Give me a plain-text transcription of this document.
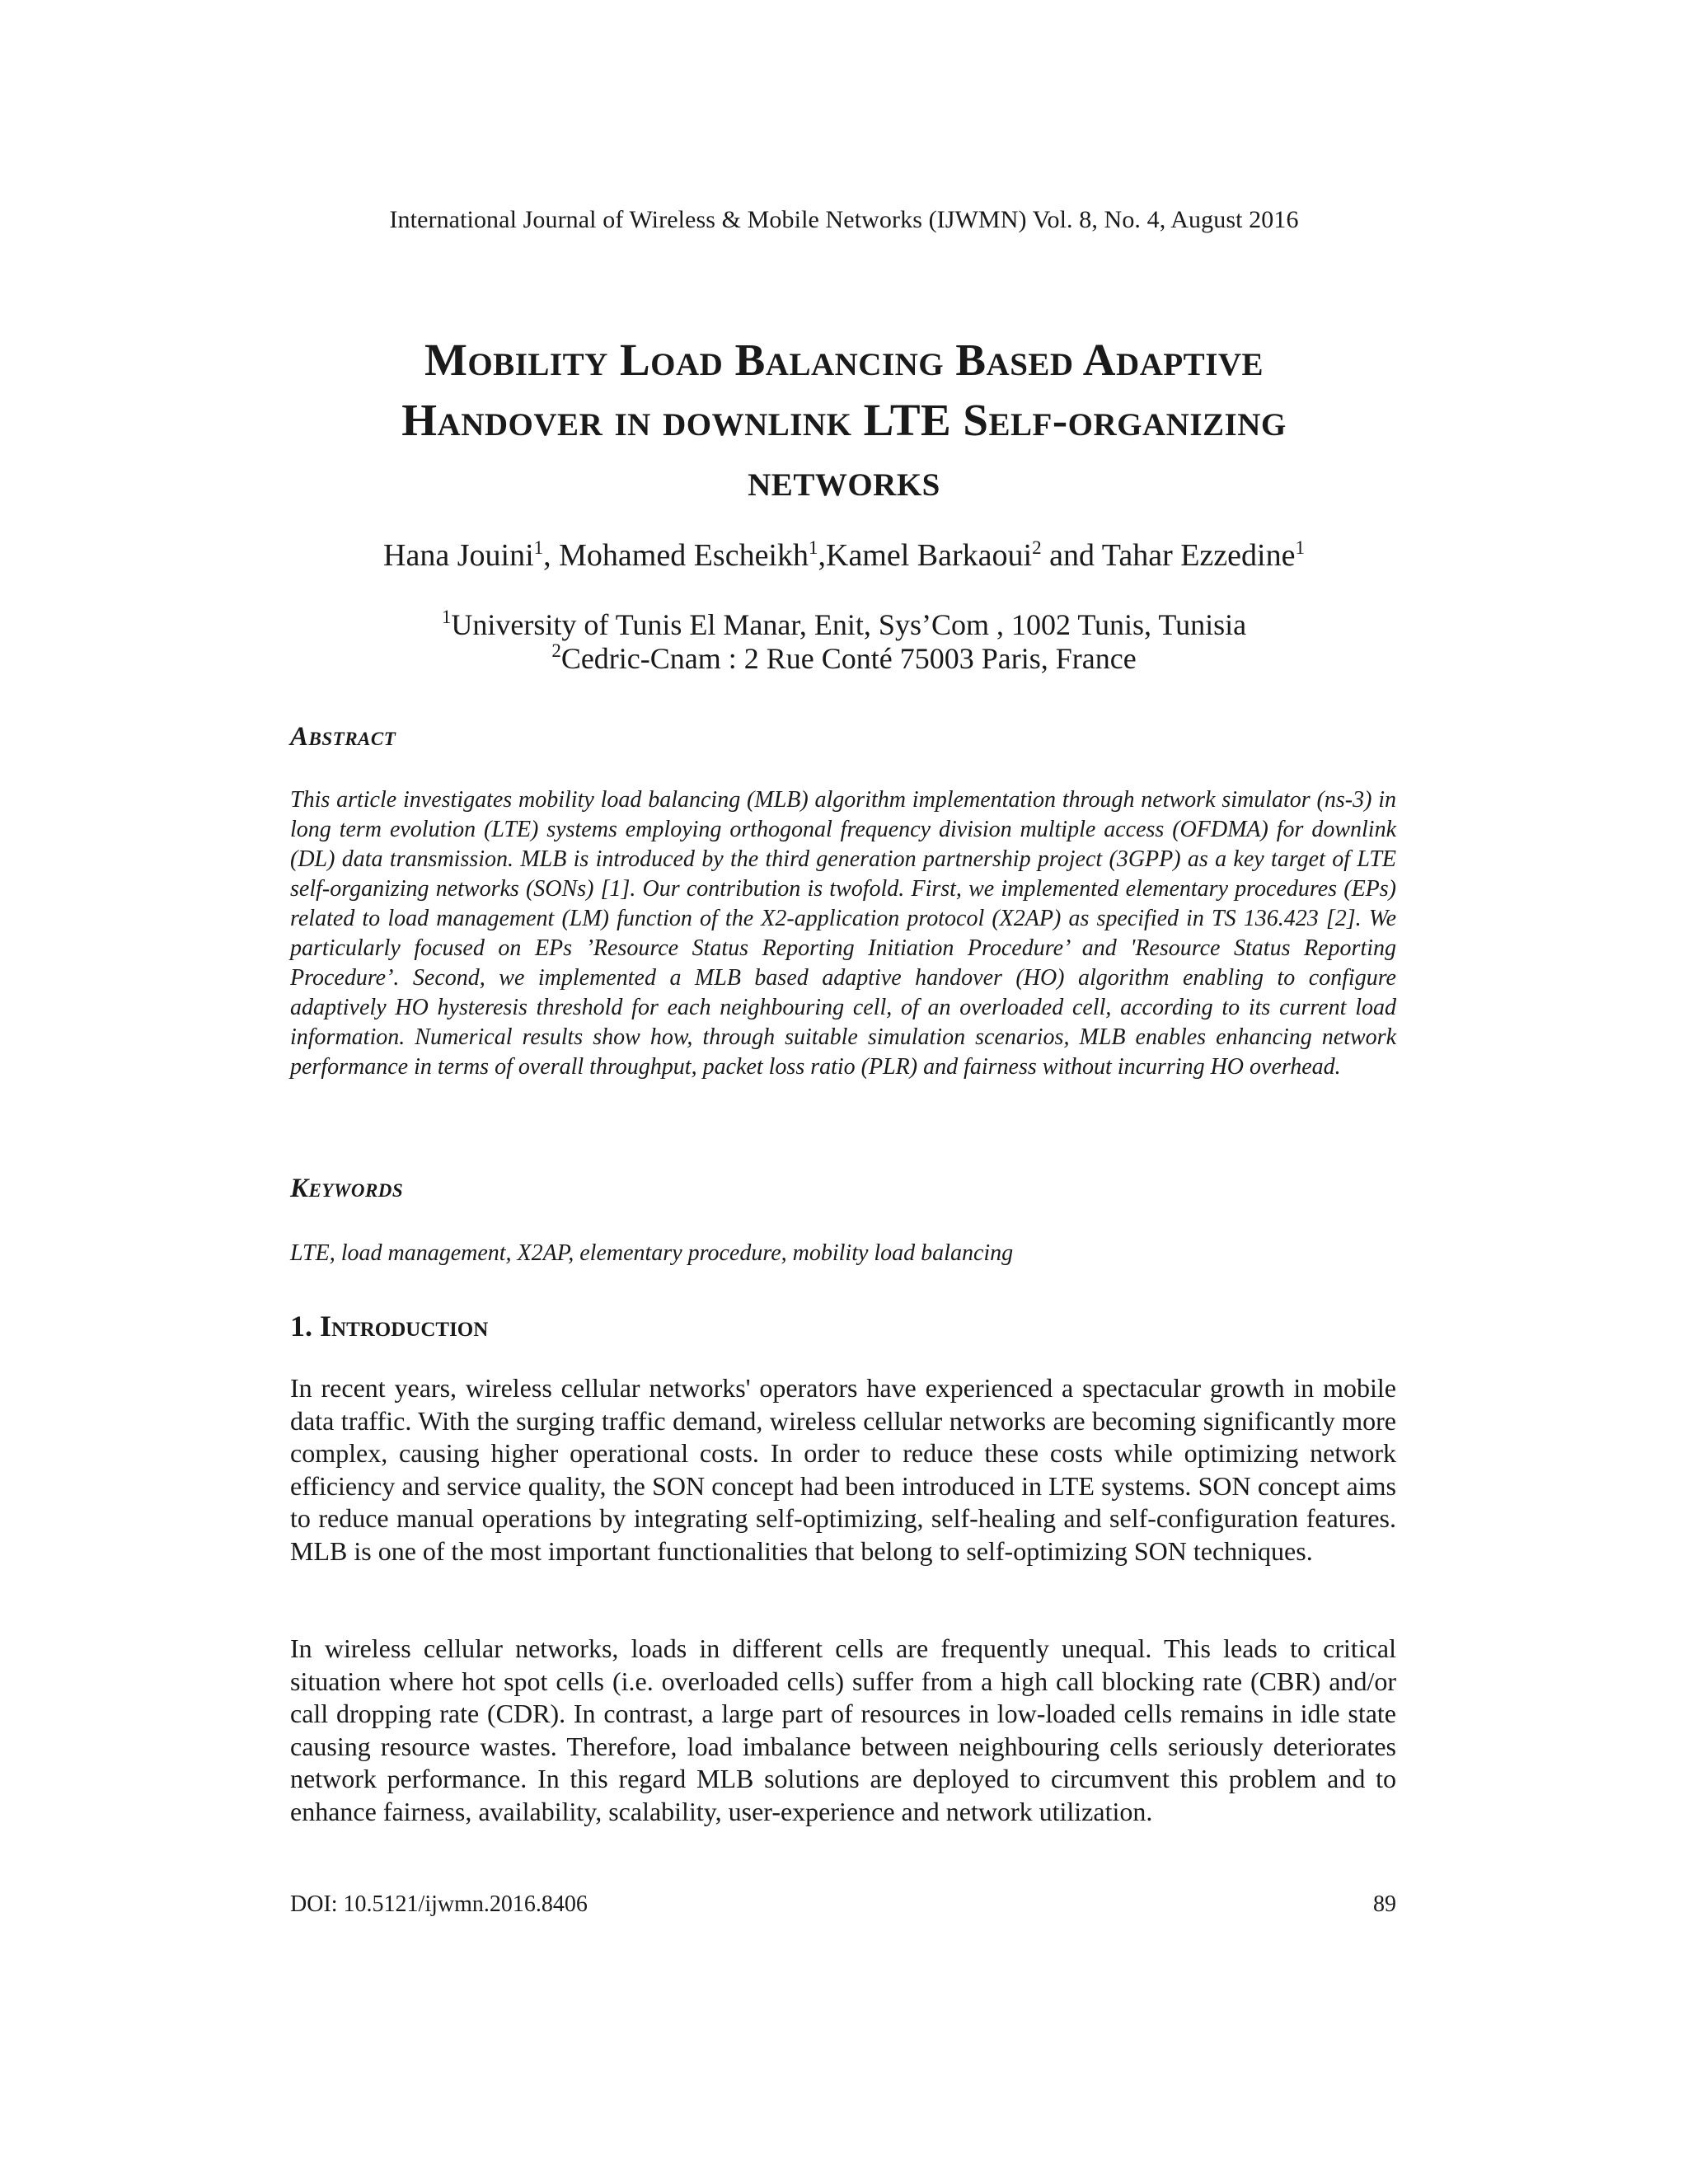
International Journal of Wireless & Mobile Networks (IJWMN) Vol. 8, No. 4, August 2016
Mobility Load Balancing Based Adaptive
Handover in downlink LTE Self-organizing
networks
Hana Jouini$^1$, Mohamed Escheikh$^1$,Kamel Barkaoui$^2$ and Tahar Ezzedine$^1$
$^1$University of Tunis El Manar, Enit, Sys’Com , 1002 Tunis, Tunisia
$^2$Cedric-Cnam : 2 Rue Conté 75003 Paris, France
Abstract
This article investigates mobility load balancing (MLB) algorithm implementation through network simulator (ns-3) in long term evolution (LTE) systems employing orthogonal frequency division multiple access (OFDMA) for downlink (DL) data transmission. MLB is introduced by the third generation partnership project (3GPP) as a key target of LTE self-organizing networks (SONs) [1]. Our contribution is twofold. First, we implemented elementary procedures (EPs) related to load management (LM) function of the X2-application protocol (X2AP) as specified in TS 136.423 [2]. We particularly focused on EPs ’Resource Status Reporting Initiation Procedure’ and 'Resource Status Reporting Procedure’. Second, we implemented a MLB based adaptive handover (HO) algorithm enabling to configure adaptively HO hysteresis threshold for each neighbouring cell, of an overloaded cell, according to its current load information. Numerical results show how, through suitable simulation scenarios, MLB enables enhancing network performance in terms of overall throughput, packet loss ratio (PLR) and fairness without incurring HO overhead.
Keywords
LTE, load management, X2AP, elementary procedure, mobility load balancing
1. Introduction
In recent years, wireless cellular networks' operators have experienced a spectacular growth in mobile data traffic. With the surging traffic demand, wireless cellular networks are becoming significantly more complex, causing higher operational costs. In order to reduce these costs while optimizing network efficiency and service quality, the SON concept had been introduced in LTE systems. SON concept aims to reduce manual operations by integrating self-optimizing, self-healing and self-configuration features. MLB is one of the most important functionalities that belong to self-optimizing SON techniques.
In wireless cellular networks, loads in different cells are frequently unequal. This leads to critical situation where hot spot cells (i.e. overloaded cells) suffer from a high call blocking rate (CBR) and/or call dropping rate (CDR). In contrast, a large part of resources in low-loaded cells remains in idle state causing resource wastes. Therefore, load imbalance between neighbouring cells seriously deteriorates network performance. In this regard MLB solutions are deployed to circumvent this problem and to enhance fairness, availability, scalability, user-experience and network utilization.
DOI: 10.5121/ijwmn.2016.8406	89
